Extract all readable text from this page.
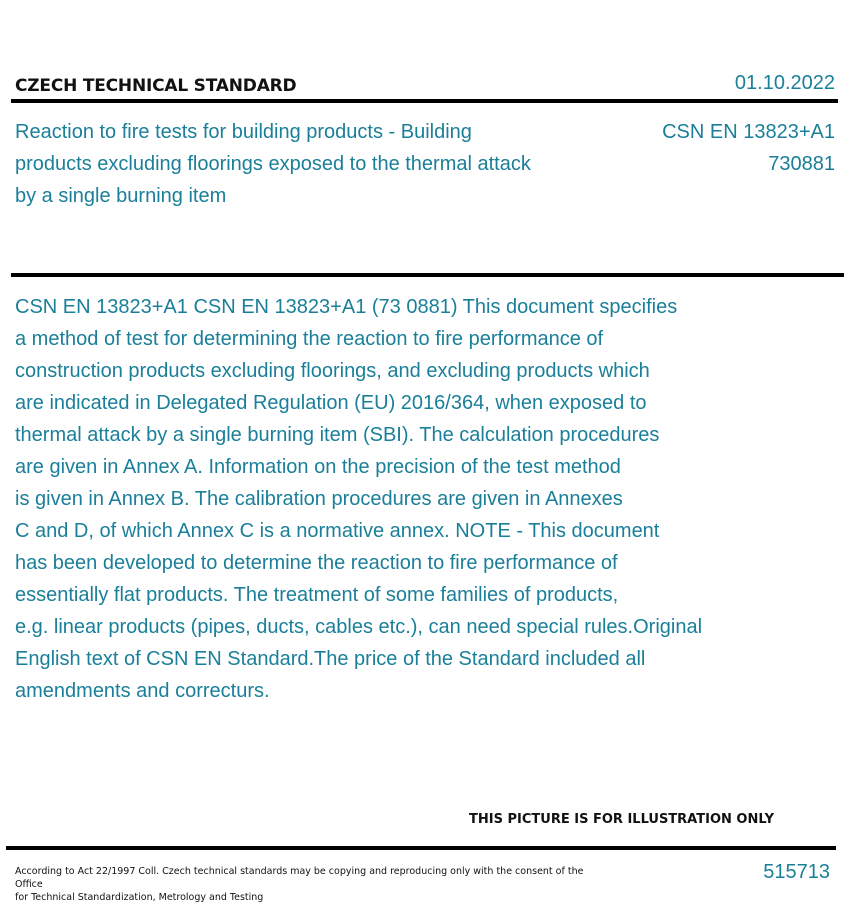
CZECH TECHNICAL STANDARD	01.10.2022
Reaction to fire tests for building products - Building products excluding floorings exposed to the thermal attack by a single burning item
CSN EN 13823+A1
730881
CSN EN 13823+A1 CSN EN 13823+A1 (73 0881) This document specifies
a method of test for determining the reaction to fire performance of
construction products excluding floorings, and excluding products which
are indicated in Delegated Regulation (EU) 2016/364, when exposed to
thermal attack by a single burning item (SBI). The calculation procedures
are given in Annex A. Information on the precision of the test method
is given in Annex B. The calibration procedures are given in Annexes
C and D, of which Annex C is a normative annex. NOTE - This document
has been developed to determine the reaction to fire performance of
essentially flat products. The treatment of some families of products,
e.g. linear products (pipes, ducts, cables etc.), can need special rules.Original
English text of CSN EN Standard.The price of the Standard included all
amendments and correcturs.
THIS PICTURE IS FOR ILLUSTRATION ONLY
According to Act 22/1997 Coll. Czech technical standards may be copying and reproducing only with the consent of the Office
for Technical Standardization, Metrology and Testing
515713
